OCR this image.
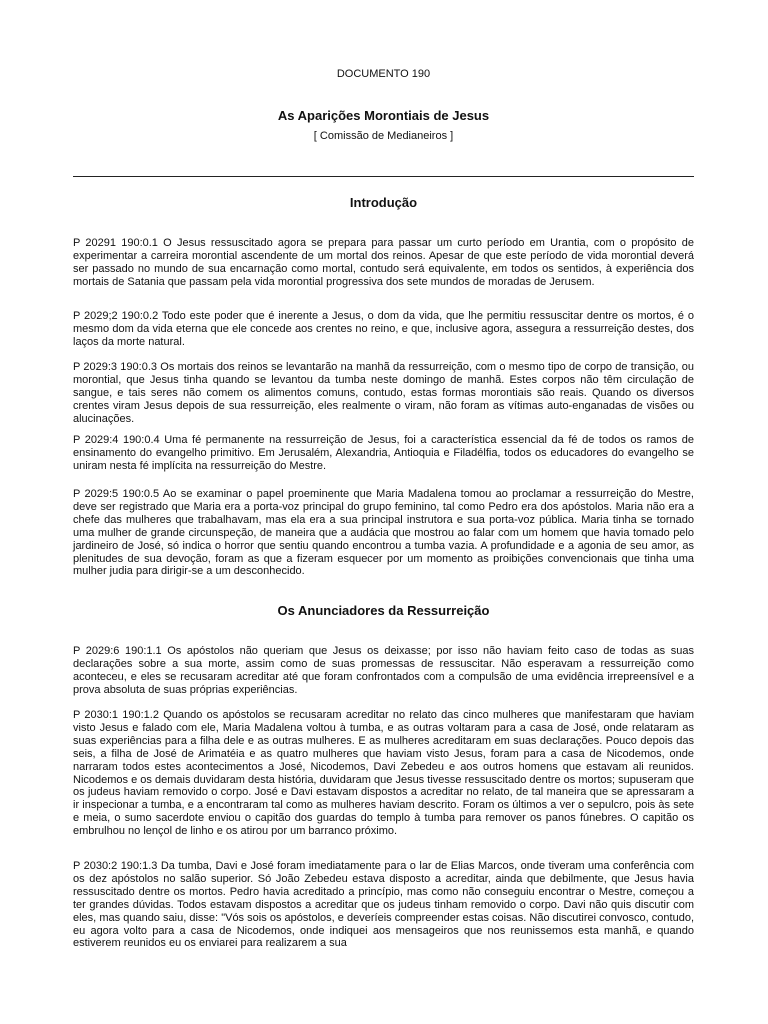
DOCUMENTO 190
As Aparições Morontiais de Jesus
[ Comissão de Medianeiros ]
Introdução

P 20291 190:0.1 O Jesus ressuscitado agora se prepara para passar um curto período em Urantia, com o propósito de experimentar a carreira morontial ascendente de um mortal dos reinos. Apesar de que este período de vida morontial deverá ser passado no mundo de sua encarnação como mortal, contudo será equivalente, em todos os sentidos, à experiência dos mortais de Satania que passam pela vida morontial progressiva dos sete mundos de moradas de Jerusem.

P 2029;2 190:0.2 Todo este poder que é inerente a Jesus, o dom da vida, que lhe permitiu ressuscitar dentre os mortos, é o mesmo dom da vida eterna que ele concede aos crentes no reino, e que, inclusive agora, assegura a ressurreição destes, dos laços da morte natural.

P 2029:3 190:0.3 Os mortais dos reinos se levantarão na manhã da ressurreição, com o mesmo tipo de corpo de transição, ou morontial, que Jesus tinha quando se levantou da tumba neste domingo de manhã. Estes corpos não têm circulação de sangue, e tais seres não comem os alimentos comuns, contudo, estas formas morontiais são reais. Quando os diversos crentes viram Jesus depois de sua ressurreição, eles realmente o viram, não foram as vítimas auto-enganadas de visões ou alucinações.

P 2029:4 190:0.4 Uma fé permanente na ressurreição de Jesus, foi a característica essencial da fé de todos os ramos de ensinamento do evangelho primitivo. Em Jerusalém, Alexandria, Antioquia e Filadélfia, todos os educadores do evangelho se uniram nesta fé implícita na ressurreição do Mestre.

P 2029:5 190:0.5 Ao se examinar o papel proeminente que Maria Madalena tomou ao proclamar a ressurreição do Mestre, deve ser registrado que Maria era a porta-voz principal do grupo feminino, tal como Pedro era dos apóstolos. Maria não era a chefe das mulheres que trabalhavam, mas ela era a sua principal instrutora e sua porta-voz pública. Maria tinha se tornado uma mulher de grande circunspeção, de maneira que a audácia que mostrou ao falar com um homem que havia tomado pelo jardineiro de José, só indica o horror que sentiu quando encontrou a tumba vazia. A profundidade e a agonia de seu amor, as plenitudes de sua devoção, foram as que a fizeram esquecer por um momento as proibições convencionais que tinha uma mulher judia para dirigir-se a um desconhecido.

Os Anunciadores da Ressurreição

P 2029:6 190:1.1 Os apóstolos não queriam que Jesus os deixasse; por isso não haviam feito caso de todas as suas declarações sobre a sua morte, assim como de suas promessas de ressuscitar. Não esperavam a ressurreição como aconteceu, e eles se recusaram acreditar até que foram confrontados com a compulsão de uma evidência irrepreensível e a prova absoluta de suas próprias experiências.

P 2030:1 190:1.2 Quando os apóstolos se recusaram acreditar no relato das cinco mulheres que manifestaram que haviam visto Jesus e falado com ele, Maria Madalena voltou à tumba, e as outras voltaram para a casa de José, onde relataram as suas experiências para a filha dele e as outras mulheres. E as mulheres acreditaram em suas declarações. Pouco depois das seis, a filha de José de Arimatéia e as quatro mulheres que haviam visto Jesus, foram para a casa de Nicodemos, onde narraram todos estes acontecimentos a José, Nicodemos, Davi Zebedeu e aos outros homens que estavam ali reunidos. Nicodemos e os demais duvidaram desta história, duvidaram que Jesus tivesse ressuscitado dentre os mortos; supuseram que os judeus haviam removido o corpo. José e Davi estavam dispostos a acreditar no relato, de tal maneira que se apressaram a ir inspecionar a tumba, e a encontraram tal como as mulheres haviam descrito. Foram os últimos a ver o sepulcro, pois às sete e meia, o sumo sacerdote enviou o capitão dos guardas do templo à tumba para remover os panos fúnebres. O capitão os embrulhou no lençol de linho e os atirou por um barranco próximo.

P 2030:2 190:1.3 Da tumba, Davi e José foram imediatamente para o lar de Elias Marcos, onde tiveram uma conferência com os dez apóstolos no salão superior. Só João Zebedeu estava disposto a acreditar, ainda que debilmente, que Jesus havia ressuscitado dentre os mortos. Pedro havia acreditado a princípio, mas como não conseguiu encontrar o Mestre, começou a ter grandes dúvidas. Todos estavam dispostos a acreditar que os judeus tinham removido o corpo. Davi não quis discutir com eles, mas quando saiu, disse: "Vós sois os apóstolos, e deveríeis compreender estas coisas. Não discutirei convosco, contudo, eu agora volto para a casa de Nicodemos, onde indiquei aos mensageiros que nos reunissemos esta manhã, e quando estiverem reunidos eu os enviarei para realizarem a sua
